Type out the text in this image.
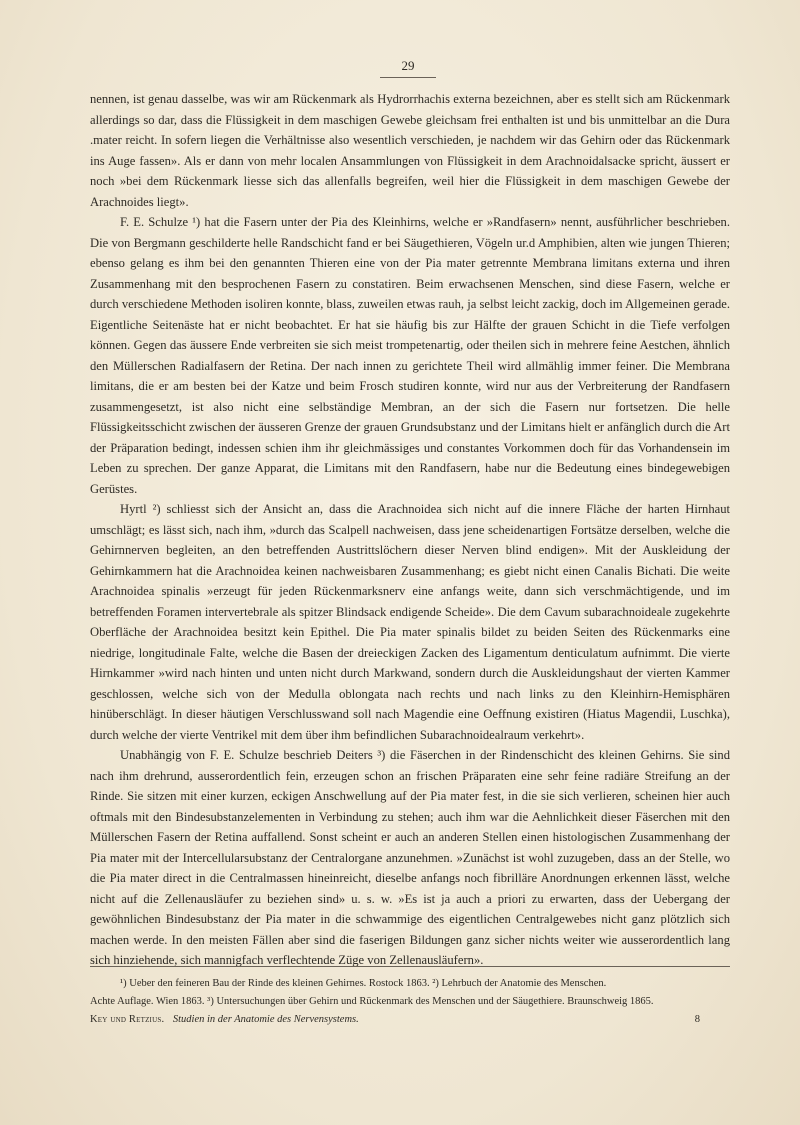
29

nennen, ist genau dasselbe, was wir am Rückenmark als Hydrorrhachis externa bezeichnen, aber es stellt sich am Rückenmark allerdings so dar, dass die Flüssigkeit in dem maschigen Gewebe gleichsam frei enthalten ist und bis unmittelbar an die Dura .mater reicht. In sofern liegen die Verhältnisse also wesentlich verschieden, je nachdem wir das Gehirn oder das Rückenmark ins Auge fassen». Als er dann von mehr localen Ansammlungen von Flüssigkeit in dem Arachnoidalsacke spricht, äussert er noch »bei dem Rückenmark liesse sich das allenfalls begreifen, weil hier die Flüssigkeit in dem maschigen Gewebe der Arachnoides liegt».

F. E. Schulze ¹) hat die Fasern unter der Pia des Kleinhirns, welche er »Randfasern» nennt, ausführlicher beschrieben. Die von Bergmann geschilderte helle Randschicht fand er bei Säugethieren, Vögeln ur.d Amphibien, alten wie jungen Thieren; ebenso gelang es ihm bei den genannten Thieren eine von der Pia mater getrennte Membrana limitans externa und ihren Zusammenhang mit den besprochenen Fasern zu constatiren. Beim erwachsenen Menschen, sind diese Fasern, welche er durch verschiedene Methoden isoliren konnte, blass, zuweilen etwas rauh, ja selbst leicht zackig, doch im Allgemeinen gerade. Eigentliche Seitenäste hat er nicht beobachtet. Er hat sie häufig bis zur Hälfte der grauen Schicht in die Tiefe verfolgen können. Gegen das äussere Ende verbreiten sie sich meist trompetenartig, oder theilen sich in mehrere feine Aestchen, ähnlich den Müllerschen Radialfasern der Retina. Der nach innen zu gerichtete Theil wird allmählig immer feiner. Die Membrana limitans, die er am besten bei der Katze und beim Frosch studiren konnte, wird nur aus der Verbreiterung der Randfasern zusammengesetzt, ist also nicht eine selbständige Membran, an der sich die Fasern nur fortsetzen. Die helle Flüssigkeitsschicht zwischen der äusseren Grenze der grauen Grundsubstanz und der Limitans hielt er anfänglich durch die Art der Präparation bedingt, indessen schien ihm ihr gleichmässiges und constantes Vorkommen doch für das Vorhandensein im Leben zu sprechen. Der ganze Apparat, die Limitans mit den Randfasern, habe nur die Bedeutung eines bindegewebigen Gerüstes.

Hyrtl ²) schliesst sich der Ansicht an, dass die Arachnoidea sich nicht auf die innere Fläche der harten Hirnhaut umschlägt; es lässt sich, nach ihm, »durch das Scalpell nachweisen, dass jene scheidenartigen Fortsätze derselben, welche die Gehirnnerven begleiten, an den betreffenden Austrittslöchern dieser Nerven blind endigen». Mit der Auskleidung der Gehirnkammern hat die Arachnoidea keinen nachweisbaren Zusammenhang; es giebt nicht einen Canalis Bichati. Die weite Arachnoidea spinalis »erzeugt für jeden Rückenmarksnerv eine anfangs weite, dann sich verschmächtigende, und im betreffenden Foramen intervertebrale als spitzer Blindsack endigende Scheide». Die dem Cavum subarachnoideale zugekehrte Oberfläche der Arachnoidea besitzt kein Epithel. Die Pia mater spinalis bildet zu beiden Seiten des Rückenmarks eine niedrige, longitudinale Falte, welche die Basen der dreieckigen Zacken des Ligamentum denticulatum aufnimmt. Die vierte Hirnkammer »wird nach hinten und unten nicht durch Markwand, sondern durch die Auskleidungshaut der vierten Kammer geschlossen, welche sich von der Medulla oblongata nach rechts und nach links zu den Kleinhirn-Hemisphären hinüberschlägt. In dieser häutigen Verschlusswand soll nach Magendie eine Oeffnung existiren (Hiatus Magendii, Luschka), durch welche der vierte Ventrikel mit dem über ihm befindlichen Subarachnoidealraum verkehrt».

Unabhängig von F. E. Schulze beschrieb Deiters ³) die Fäserchen in der Rindenschicht des kleinen Gehirns. Sie sind nach ihm drehrund, ausserordentlich fein, erzeugen schon an frischen Präparaten eine sehr feine radiäre Streifung an der Rinde. Sie sitzen mit einer kurzen, eckigen Anschwellung auf der Pia mater fest, in die sie sich verlieren, scheinen hier auch oftmals mit den Bindesubstanzelementen in Verbindung zu stehen; auch ihm war die Aehnlichkeit dieser Fäserchen mit den Müllerschen Fasern der Retina auffallend. Sonst scheint er auch an anderen Stellen einen histologischen Zusammenhang der Pia mater mit der Intercellularsubstanz der Centralorgane anzunehmen. »Zunächst ist wohl zuzugeben, dass an der Stelle, wo die Pia mater direct in die Centralmassen hineinreicht, dieselbe anfangs noch fibrilläre Anordnungen erkennen lässt, welche nicht auf die Zellenausläufer zu beziehen sind» u. s. w. »Es ist ja auch a priori zu erwarten, dass der Uebergang der gewöhnlichen Bindesubstanz der Pia mater in die schwammige des eigentlichen Centralgewebes nicht ganz plötzlich sich machen werde. In den meisten Fällen aber sind die faserigen Bildungen ganz sicher nichts weiter wie ausserordentlich lang sich hinziehende, sich mannigfach verflechtende Züge von Zellenausläufern».

¹) Ueber den feineren Bau der Rinde des kleinen Gehirnes. Rostock 1863. ²) Lehrbuch der Anatomie des Menschen.

Achte Auflage. Wien 1863. ³) Untersuchungen über Gehirn und Rückenmark des Menschen und der Säugethiere. Braunschweig 1865.

Key und Retzius. Studien in der Anatomie des Nervensystems.	8
